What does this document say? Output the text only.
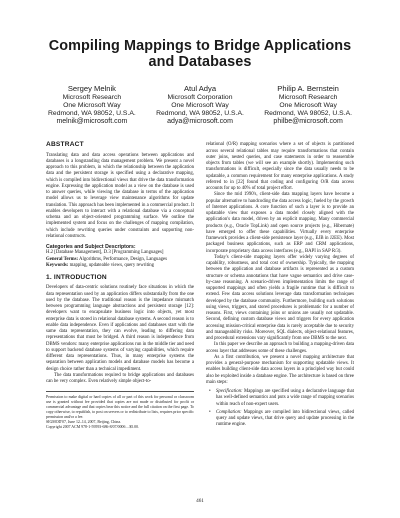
Compiling Mappings to Bridge Applications and Databases
Sergey Melnik
Microsoft Research
One Microsoft Way
Redmond, WA 98052, U.S.A.
melnik@microsoft.com
Atul Adya
Microsoft Corporation
One Microsoft Way
Redmond, WA 98052, U.S.A.
adya@microsoft.com
Philip A. Bernstein
Microsoft Research
One Microsoft Way
Redmond, WA 98052, U.S.A.
philbe@microsoft.com
ABSTRACT

Translating data and data access operations between applications and databases is a longstanding data management problem. We present a novel approach to this problem, in which the relationship between the application data and the persistent storage is specified using a declarative mapping, which is compiled into bidirectional views that drive the data transformation engine. Expressing the application model as a view on the database is used to answer queries, while viewing the database in terms of the application model allows us to leverage view maintenance algorithms for update translation. This approach has been implemented in a commercial product. It enables developers to interact with a relational database via a conceptual schema and an object-oriented programming surface. We outline the implemented system and focus on the challenges of mapping compilation, which include rewriting queries under constraints and supporting non-relational constructs.

Categories and Subject Descriptors:
H.2 [Database Management], D.3 [Programming Languages]
General Terms: Algorithms, Performance, Design, Languages
Keywords: mapping, updateable views, query rewriting
1. INTRODUCTION

Developers of data-centric solutions routinely face situations in which the data representation used by an application differs substantially from the one used by the database. The traditional reason is the impedance mismatch between programming language abstractions and persistent storage [12]: developers want to encapsulate business logic into objects, yet most enterprise data is stored in relational database systems. A second reason is to enable data independence. Even if applications and databases start with the same data representation, they can evolve, leading to differing data representations that must be bridged. A third reason is independence from DBMS vendors: many enterprise applications run in the middle tier and need to support backend database systems of varying capabilities, which require different data representations. Thus, in many enterprise systems the separation between application models and database models has become a design choice rather than a technical impediment.

The data transformations required to bridge applications and databases can be very complex. Even relatively simple object-to-

Permission to make digital or hard copies of all or part of this work for personal or classroom use is granted without fee provided that copies are not made or distributed for profit or commercial advantage and that copies bear this notice and the full citation on the first page. To copy otherwise, to republish, to post on servers or to redistribute to lists, requires prior specific permission and/or a fee.
SIGMOD'07, June 12–14, 2007, Beijing, China.
Copyright 2007 ACM 978-1-59593-686-8/07/0006 ...$5.00.

relational (O/R) mapping scenarios where a set of objects is partitioned across several relational tables may require transformations that contain outer joins, nested queries, and case statements in order to reassemble objects from tables (we will see an example shortly). Implementing such transformations is difficult, especially since the data usually needs to be updatable, a common requirement for many enterprise applications. A study referred to in [22] found that coding and configuring O/R data access accounts for up to 40% of total project effort.

Since the mid 1990's, client-side data mapping layers have become a popular alternative to handcoding the data access logic, fueled by the growth of Internet applications. A core function of such a layer is to provide an updatable view that exposes a data model closely aligned with the application's data model, driven by an explicit mapping. Many commercial products (e.g., Oracle TopLink) and open source projects (e.g., Hibernate) have emerged to offer these capabilities. Virtually every enterprise framework provides a client-side persistence layer (e.g., EJB in J2EE). Most packaged business applications, such as ERP and CRM applications, incorporate proprietary data access interfaces (e.g., BAPI in SAP R/3).

Today's client-side mapping layers offer widely varying degrees of capability, robustness, and total cost of ownership. Typically, the mapping between the application and database artifacts is represented as a custom structure or schema annotations that have vague semantics and drive case-by-case reasoning. A scenario-driven implementation limits the range of supported mappings and often yields a fragile runtime that is difficult to extend. Few data access solutions leverage data transformation techniques developed by the database community. Furthermore, building such solutions using views, triggers, and stored procedures is problematic for a number of reasons. First, views containing joins or unions are usually not updatable. Second, defining custom database views and triggers for every application accessing mission-critical enterprise data is rarely acceptable due to security and manageability risks. Moreover, SQL dialects, object-relational features, and procedural extensions vary significantly from one DBMS to the next.

In this paper we describe an approach to building a mapping-driven data access layer that addresses some of these challenges.

As a first contribution, we present a novel mapping architecture that provides a general-purpose mechanism for supporting updatable views. It enables building client-side data access layers in a principled way but could also be exploited inside a database engine. The architecture is based on three main steps:

• Specification: Mappings are specified using a declarative language that has well-defined semantics and puts a wide range of mapping scenarios within reach of non-expert users.
• Compilation: Mappings are compiled into bidirectional views, called query and update views, that drive query and update processing in the runtime engine.
461
